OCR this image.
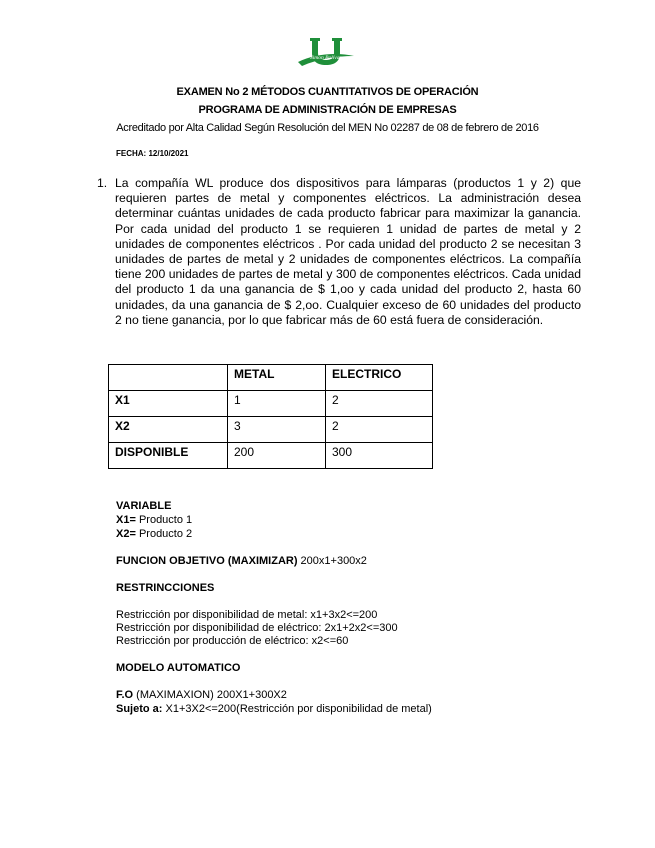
Simon Bolívar
EXAMEN No 2 MÉTODOS CUANTITATIVOS DE OPERACIÓN
PROGRAMA DE ADMINISTRACIÓN DE EMPRESAS
Acreditado por Alta Calidad Según Resolución del MEN No 02287 de 08 de febrero de 2016
FECHA: 12/10/2021
1. La compañía WL produce dos dispositivos para lámparas (productos 1 y 2) que requieren partes de metal y componentes eléctricos. La administración desea determinar cuántas unidades de cada producto fabricar para maximizar la ganancia. Por cada unidad del producto 1 se requieren 1 unidad de partes de metal y 2 unidades de componentes eléctricos . Por cada unidad del producto 2 se necesitan 3 unidades de partes de metal y 2 unidades de componentes eléctricos. La compañía tiene 200 unidades de partes de metal y 300 de componentes eléctricos. Cada unidad del producto 1 da una ganancia de $ 1,oo y cada unidad del producto 2, hasta 60 unidades, da una ganancia de $ 2,oo. Cualquier exceso de 60 unidades del producto 2 no tiene ganancia, por lo que fabricar más de 60 está fuera de consideración.
	METAL	ELECTRICO
X1	1	2
X2	3	2
DISPONIBLE	200	300
VARIABLE
X1= Producto 1
X2= Producto 2
FUNCION OBJETIVO (MAXIMIZAR) 200x1+300x2
RESTRINCCIONES
Restricción por disponibilidad de metal: x1+3x2<=200
Restricción por disponibilidad de eléctrico: 2x1+2x2<=300
Restricción por producción de eléctrico: x2<=60
MODELO AUTOMATICO
F.O (MAXIMAXION) 200X1+300X2
Sujeto a: X1+3X2<=200(Restricción por disponibilidad de metal)
